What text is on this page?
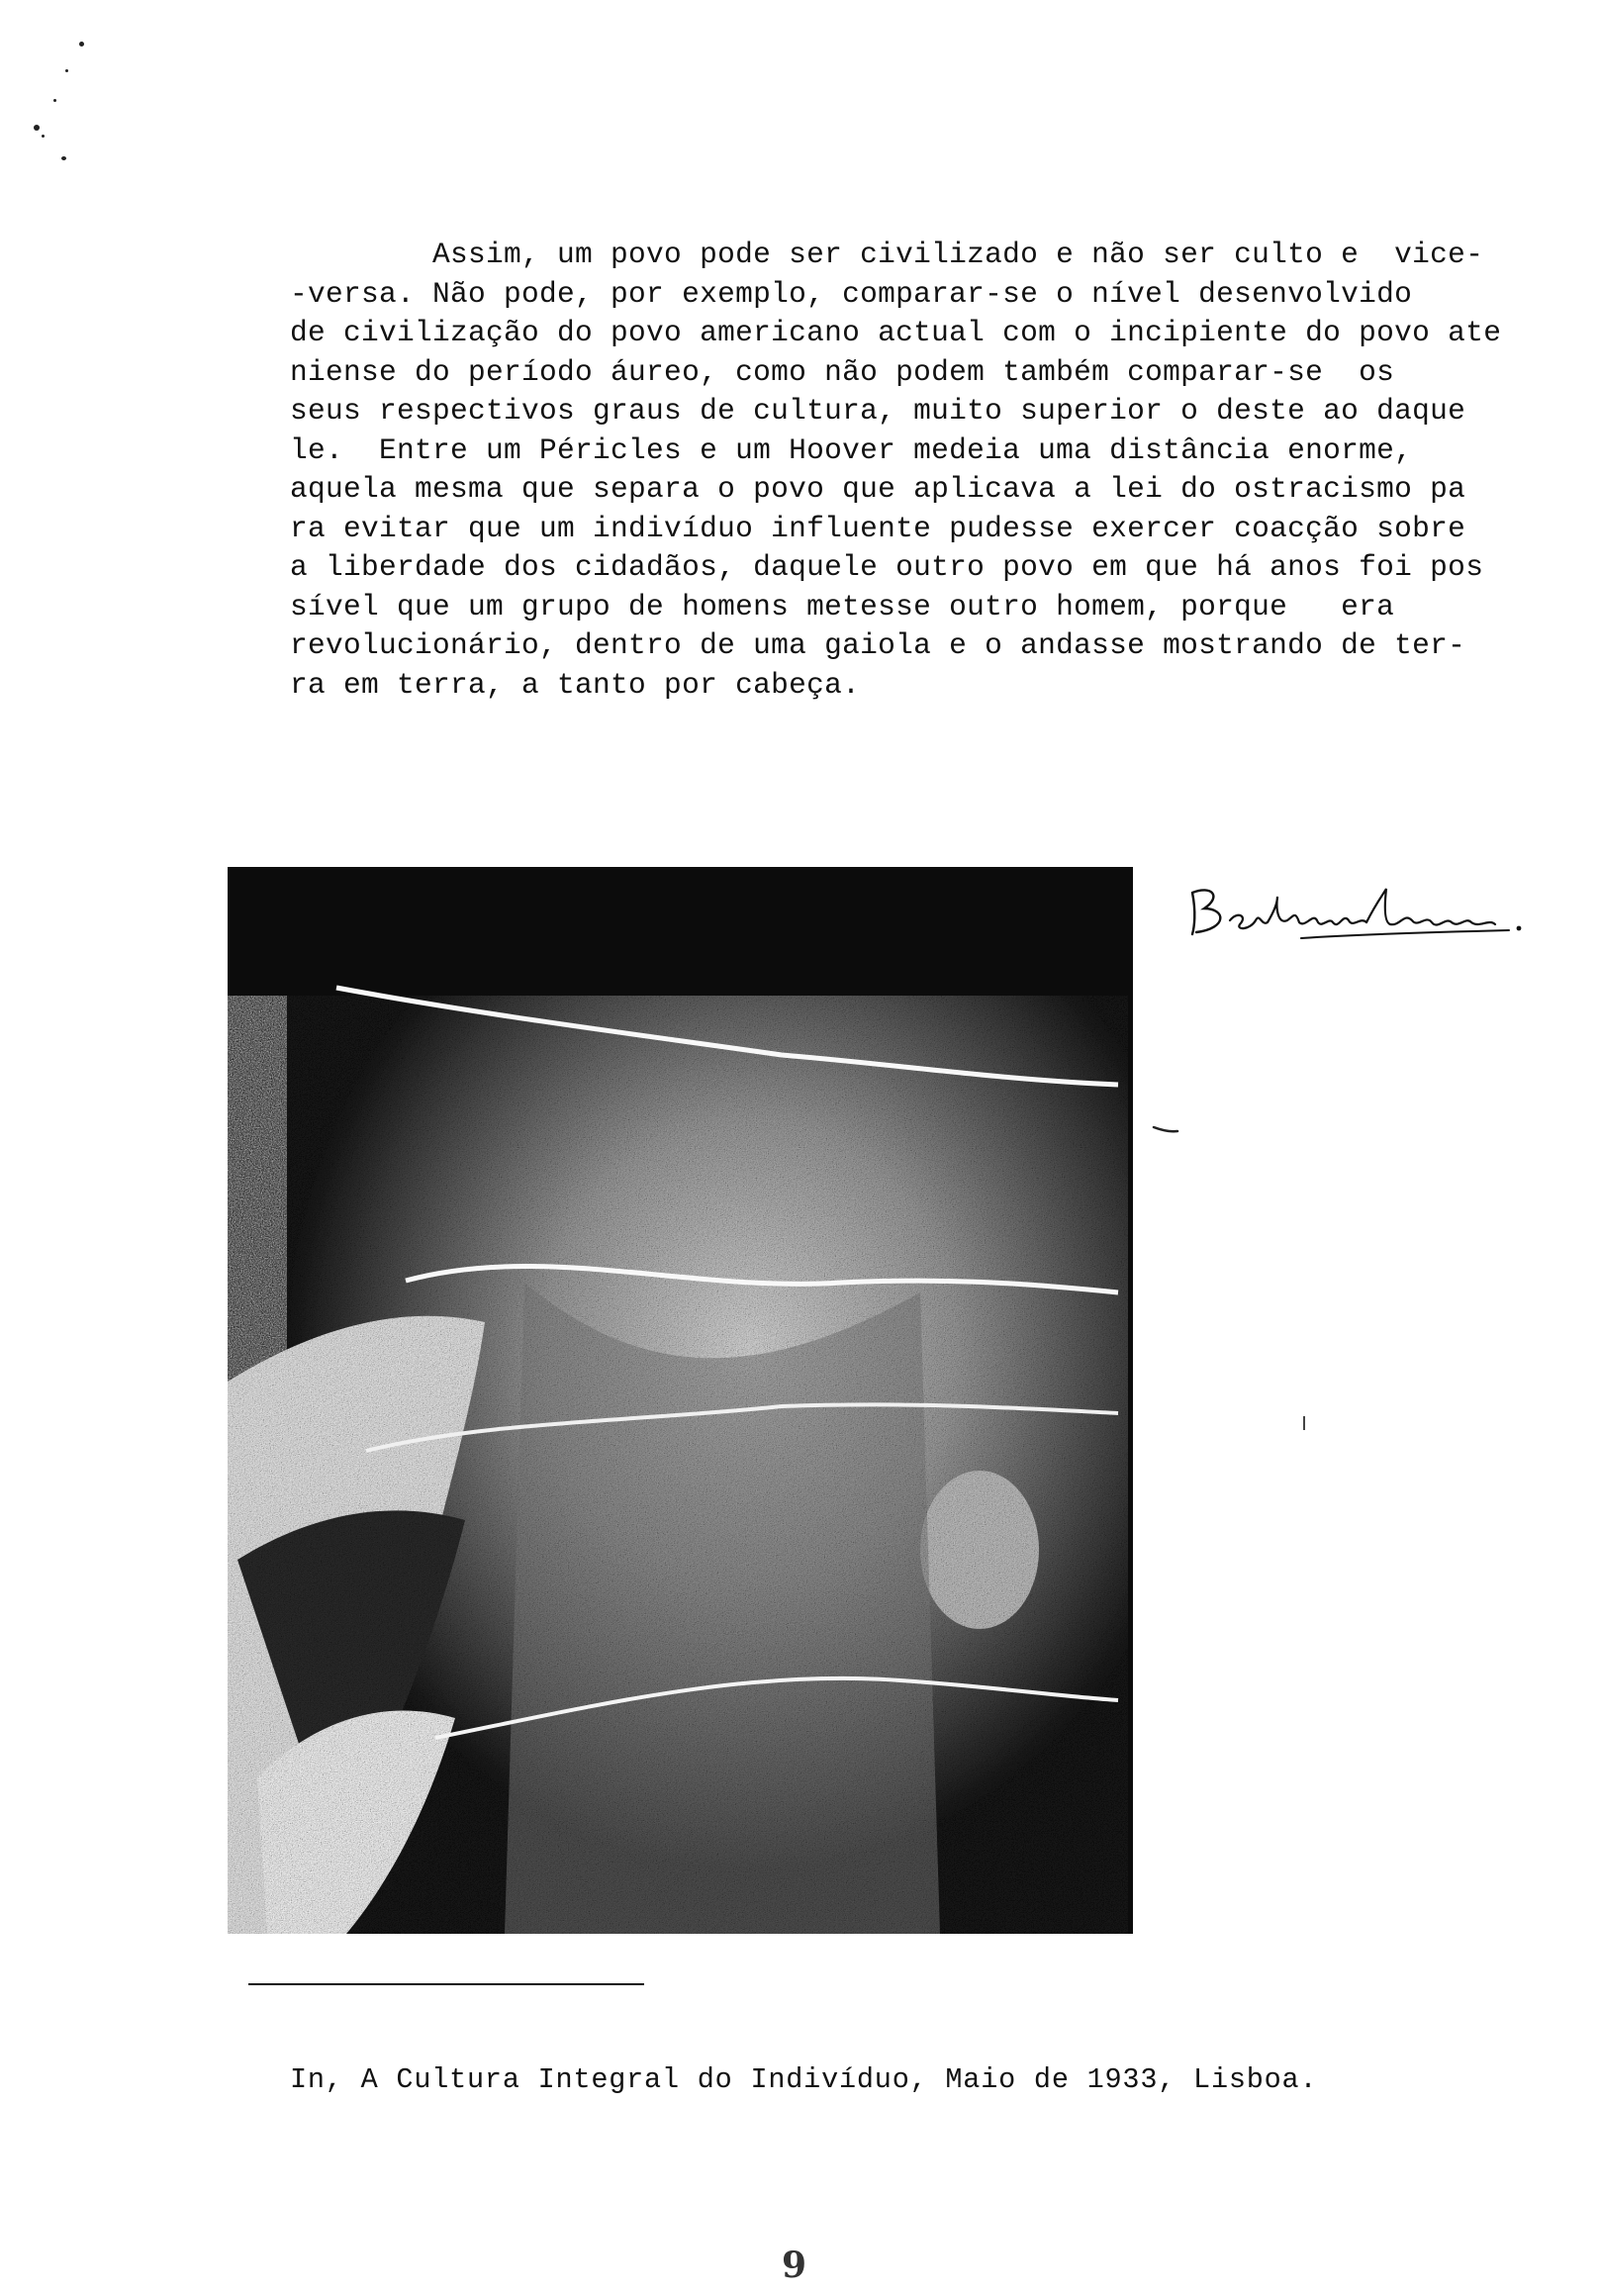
Assim, um povo pode ser civilizado e não ser culto e  vice-
-versa. Não pode, por exemplo, comparar-se o nível desenvolvido
de civilização do povo americano actual com o incipiente do povo ate
niense do período áureo, como não podem também comparar-se  os
seus respectivos graus de cultura, muito superior o deste ao daque
le.  Entre um Péricles e um Hoover medeia uma distância enorme,
aquela mesma que separa o povo que aplicava a lei do ostracismo pa
ra evitar que um indivíduo influente pudesse exercer coacção sobre
a liberdade dos cidadãos, daquele outro povo em que há anos foi pos
sível que um grupo de homens metesse outro homem, porque   era
revolucionário, dentro de uma gaiola e o andasse mostrando de ter-
ra em terra, a tanto por cabeça.

In, A Cultura Integral do Indivíduo, Maio de 1933, Lisboa.

9
